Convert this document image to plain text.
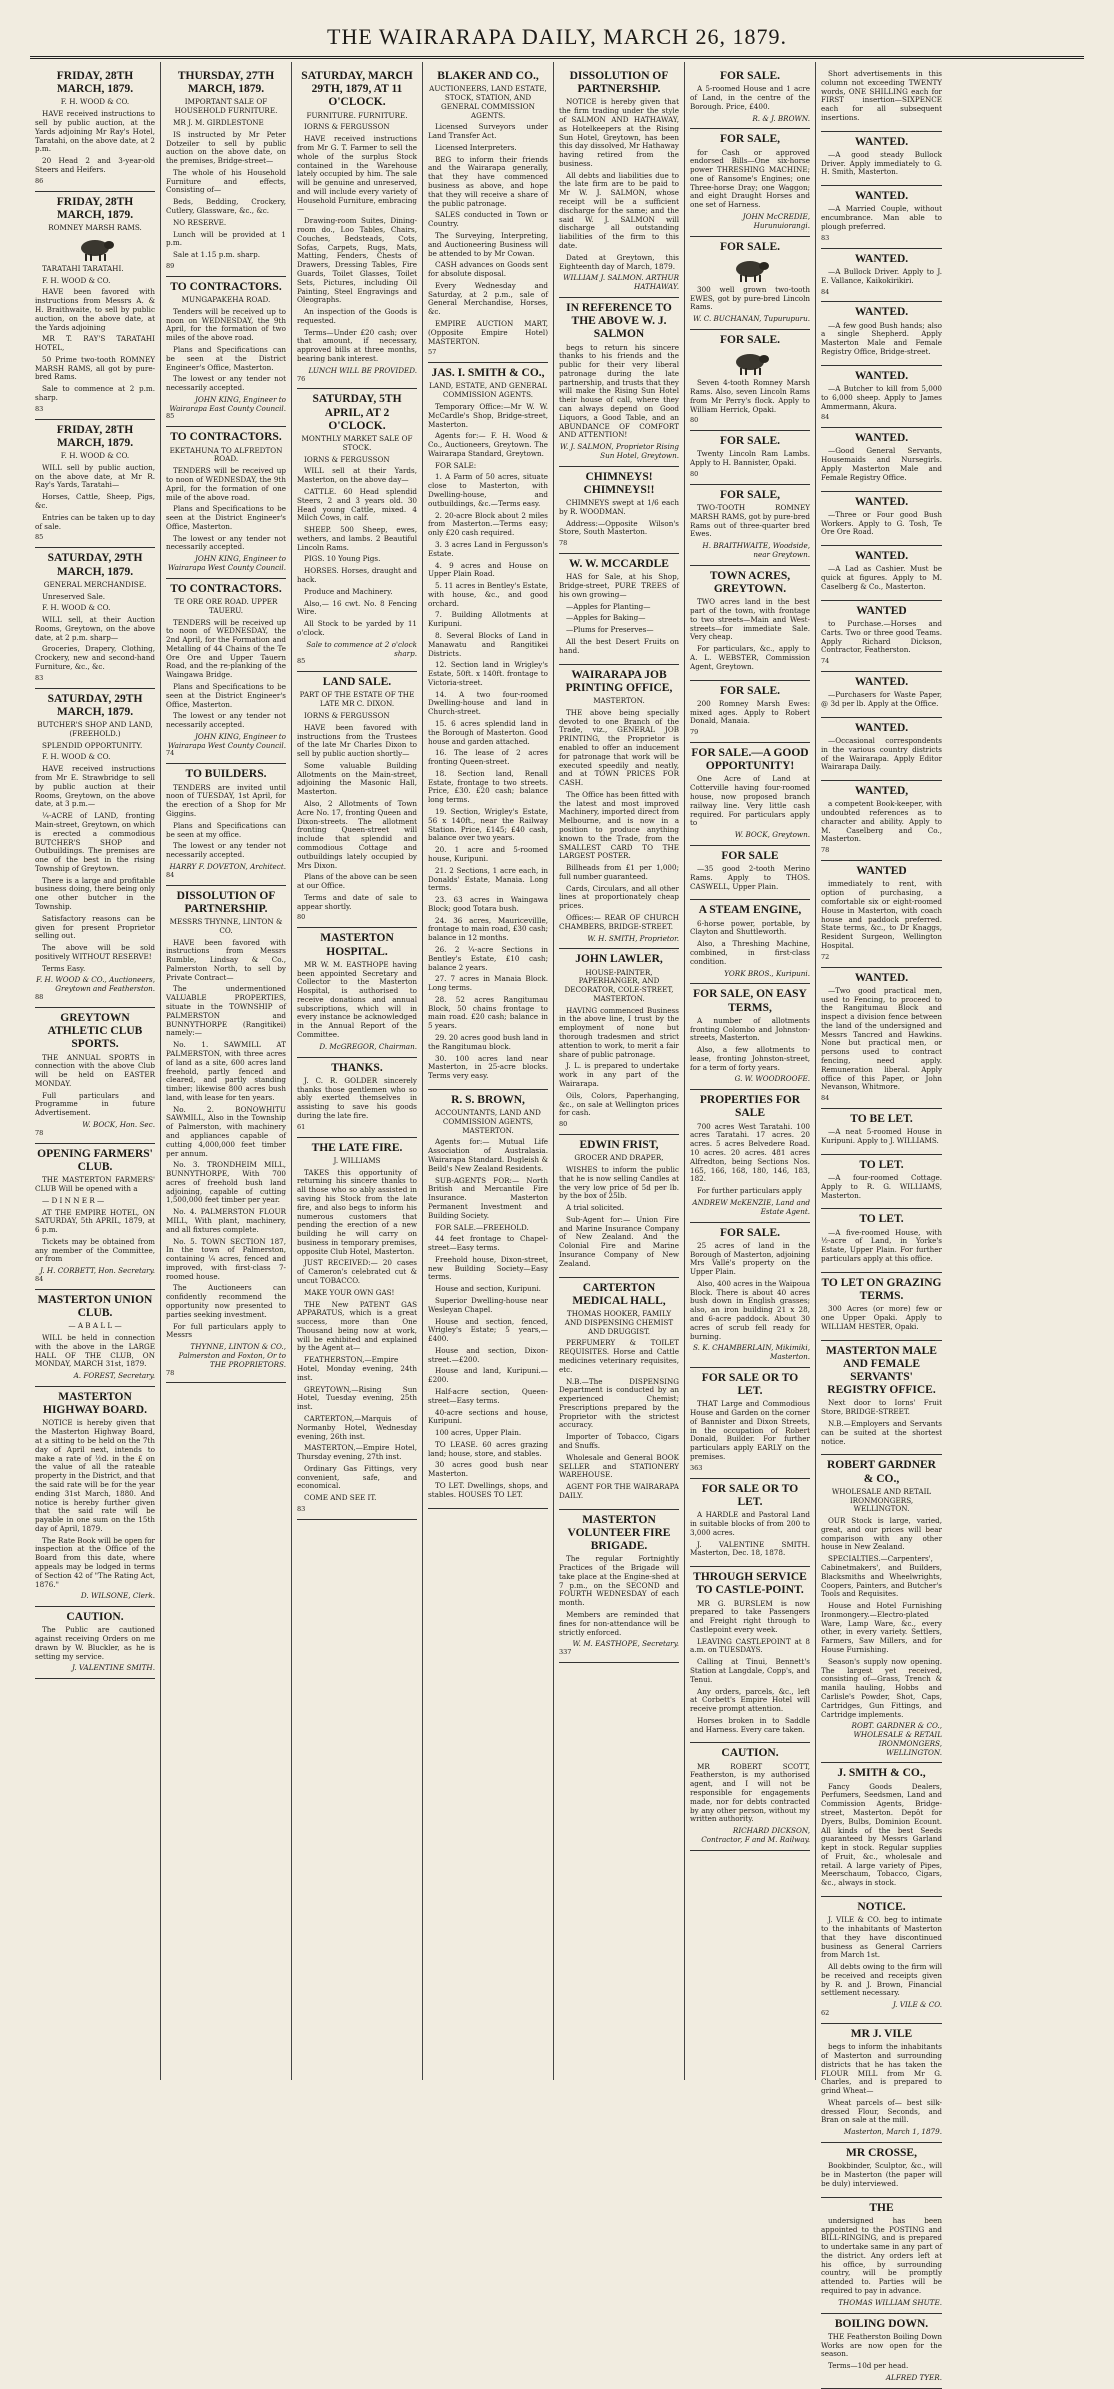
THE WAIRARAPA DAILY, MARCH 26, 1879.
FRIDAY, 28TH MARCH, 1879.
F. H. WOOD & CO.

HAVE received instructions to sell by public auction, at the Yards adjoining Mr Ray's Hotel, Taratahi, on the above date, at 2 p.m.

20 Head 2 and 3-year-old Steers and Heifers.

86
FRIDAY, 28TH MARCH, 1879.
ROMNEY MARSH RAMS.

TARATAHI TARATAHI.

F. H. WOOD & CO.

HAVE been favored with instructions from Messrs A. & H. Braithwaite, to sell by public auction, on the above date, at the Yards adjoining

MR T. RAY'S TARATAHI HOTEL,

50 Prime two-tooth ROMNEY MARSH RAMS, all got by pure-bred Rams.

Sale to commence at 2 p.m. sharp.

83
FRIDAY, 28TH MARCH, 1879.
F. H. WOOD & CO.

WILL sell by public auction, on the above date, at Mr R. Ray's Yards, Taratahi—

Horses, Cattle, Sheep, Pigs, &c.

Entries can be taken up to day of sale.

85
SATURDAY, 29TH MARCH, 1879.
GENERAL MERCHANDISE.

Unreserved Sale.

F. H. WOOD & CO.

WILL sell, at their Auction Rooms, Greytown, on the above date, at 2 p.m. sharp—

Groceries, Drapery, Clothing, Crockery, new and second-hand Furniture, &c., &c.

83
SATURDAY, 29TH MARCH, 1879.
BUTCHER'S SHOP AND LAND, (FREEHOLD.)

SPLENDID OPPORTUNITY.

F. H. WOOD & CO.

HAVE received instructions from Mr E. Strawbridge to sell by public auction at their Rooms, Greytown, on the above date, at 3 p.m.—

¼-ACRE of LAND, fronting Main-street, Greytown, on which is erected a commodious BUTCHER'S SHOP and Outbuildings. The premises are one of the best in the rising Township of Greytown.

There is a large and profitable business doing, there being only one other butcher in the Township.

Satisfactory reasons can be given for present Proprietor selling out.

The above will be sold positively WITHOUT RESERVE!

Terms Easy.

F. H. WOOD & CO., Auctioneers, Greytown and Featherston.
88
GREYTOWN ATHLETIC CLUB SPORTS.

THE ANNUAL SPORTS in connection with the above Club will be held on EASTER MONDAY.

Full particulars and Programme in future Advertisement.

W. BOCK, Hon. Sec.
78
OPENING FARMERS' CLUB.

THE MASTERTON FARMERS' CLUB Will be opened with a

— D I N N E R —

AT THE EMPIRE HOTEL, ON SATURDAY, 5th APRIL, 1879, at 6 p.m.

Tickets may be obtained from any member of the Committee, or from

J. H. CORBETT, Hon. Secretary.
84
MASTERTON UNION CLUB.
— A B A L L —

WILL be held in connection with the above in the LARGE HALL OF THE CLUB, ON MONDAY, MARCH 31st, 1879.

A. FOREST, Secretary.
MASTERTON HIGHWAY BOARD.

NOTICE is hereby given that the Masterton Highway Board, at a sitting to be held on the 7th day of April next, intends to make a rate of ½d. in the £ on the value of all the rateable property in the District, and that the said rate will be for the year ending 31st March, 1880. And notice is hereby further given that the said rate will be payable in one sum on the 15th day of April, 1879.

The Rate Book will be open for inspection at the Office of the Board from this date, where appeals may be lodged in terms of Section 42 of "The Rating Act, 1876."

D. WILSONE, Clerk.
CAUTION.

The Public are cautioned against receiving Orders on me drawn by W. Bluckler, as he is setting my service.

J. VALENTINE SMITH.
THURSDAY, 27TH MARCH, 1879.
IMPORTANT SALE OF HOUSEHOLD FURNITURE.

MR J. M. GIRDLESTONE

IS instructed by Mr Peter Dotzeiler to sell by public auction on the above date, on the premises, Bridge-street—

The whole of his Household Furniture and effects, Consisting of—

Beds, Bedding, Crockery, Cutlery, Glassware, &c., &c.

NO RESERVE.

Lunch will be provided at 1 p.m.

Sale at 1.15 p.m. sharp.

89
TO CONTRACTORS.
MUNGAPAKEHA ROAD.

Tenders will be received up to noon on WEDNESDAY, the 9th April, for the formation of two miles of the above road.

Plans and Specifications can be seen at the District Engineer's Office, Masterton.

The lowest or any tender not necessarily accepted.

JOHN KING, Engineer to Wairarapa East County Council.
85
TO CONTRACTORS.
EKETAHUNA TO ALFREDTON ROAD.

TENDERS will be received up to noon of WEDNESDAY, the 9th April, for the formation of one mile of the above road.

Plans and Specifications to be seen at the District Engineer's Office, Masterton.

The lowest or any tender not necessarily accepted.

JOHN KING, Engineer to Wairarapa West County Council.
TO CONTRACTORS.
TE ORE ORE ROAD. UPPER TAUERU.

TENDERS will be received up to noon of WEDNESDAY, the 2nd April, for the Formation and Metalling of 44 Chains of the Te Ore Ore and Upper Tauern Road, and the re-planking of the Waingawa Bridge.

Plans and Specifications to be seen at the District Engineer's Office, Masterton.

The lowest or any tender not necessarily accepted.

JOHN KING, Engineer to Wairarapa West County Council.
74
TO BUILDERS.

TENDERS are invited until noon of TUESDAY, 1st April, for the erection of a Shop for Mr Giggins.

Plans and Specifications can be seen at my office.

The lowest or any tender not necessarily accepted.

HARRY F. DOVETON, Architect.
84
DISSOLUTION OF PARTNERSHIP.
MESSRS THYNNE, LINTON & CO.

HAVE been favored with instructions from Messrs Rumble, Lindsay & Co., Palmerston North, to sell by Private Contract—

The undermentioned VALUABLE PROPERTIES, situate in the TOWNSHIP of PALMERSTON and BUNNYTHORPE (Rangitikei) namely:—

No. 1. SAWMILL AT PALMERSTON, with three acres of land as a site, 600 acres land freehold, partly fenced and cleared, and partly standing timber; likewise 800 acres bush land, with lease for ten years.

No. 2. BONOWHITU SAWMILL, Also in the Township of Palmerston, with machinery and appliances capable of cutting 4,000,000 feet timber per annum.

No. 3. TRONDHEIM MILL, BUNNYTHORPE, With 700 acres of freehold bush land adjoining, capable of cutting 1,500,000 feet timber per year.

No. 4. PALMERSTON FLOUR MILL, With plant, machinery, and all fixtures complete.

No. 5. TOWN SECTION 187, In the town of Palmerston, containing ¼ acres, fenced and improved, with first-class 7-roomed house.

The Auctioneers can confidently recommend the opportunity now presented to parties seeking investment.

For full particulars apply to Messrs

THYNNE, LINTON & CO., Palmerston and Foxton, Or to THE PROPRIETORS.
78
SATURDAY, MARCH 29TH, 1879, AT 11 O'CLOCK.
FURNITURE. FURNITURE.

IORNS & FERGUSSON

HAVE received instructions from Mr G. T. Farmer to sell the whole of the surplus Stock contained in the Warehouse lately occupied by him. The sale will be genuine and unreserved, and will include every variety of Household Furniture, embracing—

Drawing-room Suites, Dining-room do., Loo Tables, Chairs, Couches, Bedsteads, Cots, Sofas, Carpets, Rugs, Mats, Matting, Fenders, Chests of Drawers, Dressing Tables, Fire Guards, Toilet Glasses, Toilet Sets, Pictures, including Oil Painting, Steel Engravings and Oleographs.

An inspection of the Goods is requested.

Terms—Under £20 cash; over that amount, if necessary, approved bills at three months, bearing bank interest.

LUNCH WILL BE PROVIDED.
76
SATURDAY, 5TH APRIL, AT 2 O'CLOCK.
MONTHLY MARKET SALE OF STOCK.

IORNS & FERGUSSON

WILL sell at their Yards, Masterton, on the above day—

CATTLE. 60 Head splendid Steers, 2 and 3 years old. 30 Head young Cattle, mixed. 4 Milch Cows, in calf.

SHEEP. 500 Sheep, ewes, wethers, and lambs. 2 Beautiful Lincoln Rams.

PIGS. 10 Young Pigs.

HORSES. Horses, draught and hack.

Produce and Machinery.

Also,— 16 cwt. No. 8 Fencing Wire.

All Stock to be yarded by 11 o'clock.

Sale to commence at 2 o'clock sharp.
85
LAND SALE.
PART OF THE ESTATE OF THE LATE MR C. DIXON.

IORNS & FERGUSSON

HAVE been favored with instructions from the Trustees of the late Mr Charles Dixon to sell by public auction shortly—

Some valuable Building Allotments on the Main-street, adjoining the Masonic Hall, Masterton.

Also, 2 Allotments of Town Acre No. 17, fronting Queen and Dixon-streets. The allotment fronting Queen-street will include that splendid and commodious Cottage and outbuildings lately occupied by Mrs Dixon.

Plans of the above can be seen at our Office.

Terms and date of sale to appear shortly.

80
MASTERTON HOSPITAL.

MR W. M. EASTHOPE having been appointed Secretary and Collector to the Masterton Hospital, is authorised to receive donations and annual subscriptions, which will in every instance be acknowledged in the Annual Report of the Committee.

D. McGREGOR, Chairman.
THANKS.

J. C. R. GOLDER sincerely thanks those gentlemen who so ably exerted themselves in assisting to save his goods during the late fire.

61
THE LATE FIRE.
J. WILLIAMS

TAKES this opportunity of returning his sincere thanks to all those who so ably assisted in saving his Stock from the late fire, and also begs to inform his numerous customers that pending the erection of a new building he will carry on business in temporary premises, opposite Club Hotel, Masterton.

JUST RECEIVED:— 20 cases of Cameron's celebrated cut & uncut TOBACCO.

MAKE YOUR OWN GAS!

THE New PATENT GAS APPARATUS, which is a great success, more than One Thousand being now at work, will be exhibited and explained by the Agent at—

FEATHERSTON,—Empire Hotel, Monday evening, 24th inst.

GREYTOWN,—Rising Sun Hotel, Tuesday evening, 25th inst.

CARTERTON,—Marquis of Normanby Hotel, Wednesday evening, 26th inst.

MASTERTON,—Empire Hotel, Thursday evening, 27th inst.

Ordinary Gas Fittings, very convenient, safe, and economical.

COME AND SEE IT.

83
BLAKER AND CO.,
AUCTIONEERS, LAND ESTATE, STOCK, STATION, AND GENERAL COMMISSION AGENTS.

Licensed Surveyors under Land Transfer Act.

Licensed Interpreters.

BEG to inform their friends and the Wairarapa generally, that they have commenced business as above, and hope that they will receive a share of the public patronage.

SALES conducted in Town or Country.

The Surveying, Interpreting, and Auctioneering Business will be attended to by Mr Cowan.

CASH advances on Goods sent for absolute disposal.

Every Wednesday and Saturday, at 2 p.m., sale of General Merchandise, Horses, &c.

EMPIRE AUCTION MART, (Opposite Empire Hotel) MASTERTON.

57
JAS. I. SMITH & CO.,
LAND, ESTATE, AND GENERAL COMMISSION AGENTS.

Temporary Office:—Mr W. W. McCardle's Shop, Bridge-street, Masterton.

Agents for:— F. H. Wood & Co., Auctioneers, Greytown. The Wairarapa Standard, Greytown.

FOR SALE:

1. A Farm of 50 acres, situate close to Masterton, with Dwelling-house, and outbuildings, &c.—Terms easy.

2. 20-acre Block about 2 miles from Masterton.—Terms easy; only £20 cash required.

3. 3 acres Land in Fergusson's Estate.

4. 9 acres and House on Upper Plain Road.

5. 11 acres in Bentley's Estate, with house, &c., and good orchard.

7. Building Allotments at Kuripuni.

8. Several Blocks of Land in Manawatu and Rangitikei Districts.

12. Section land in Wrigley's Estate, 50ft. x 140ft. frontage to Victoria-street.

14. A two four-roomed Dwelling-house and land in Church-street.

15. 6 acres splendid land in the Borough of Masterton. Good house and garden attached.

16. The lease of 2 acres fronting Queen-street.

18. Section land, Renall Estate, frontage to two streets. Price, £30. £20 cash; balance long terms.

19. Section, Wrigley's Estate, 56 x 140ft., near the Railway Station. Price, £145; £40 cash, balance over two years.

20. 1 acre and 5-roomed house, Kuripuni.

21. 2 Sections, 1 acre each, in Donalds' Estate, Manaia. Long terms.

23. 63 acres in Waingawa Block; good Totara bush.

24. 36 acres, Mauricevillle, frontage to main road, £30 cash; balance in 12 months.

26. 2 ¼-acre Sections in Bentley's Estate, £10 cash; balance 2 years.

27. 7 acres in Manaia Block. Long terms.

28. 52 acres Rangitumau Block, 50 chains frontage to main road. £20 cash; balance in 5 years.

29. 20 acres good bush land in the Rangitumau block.

30. 100 acres land near Masterton, in 25-acre blocks. Terms very easy.

R. S. BROWN,
ACCOUNTANTS, LAND AND COMMISSION AGENTS, MASTERTON.

Agents for:— Mutual Life Association of Australasia. Wairarapa Standard. Dugleish & Beild's New Zealand Residents.

SUB-AGENTS FOR:— North British and Mercantile Fire Insurance. Masterton Permanent Investment and Building Society.

FOR SALE.—FREEHOLD.

44 feet frontage to Chapel-street—Easy terms.

Freehold house, Dixon-street, new Building Society—Easy terms.

House and section, Kuripuni.

Superior Dwelling-house near Wesleyan Chapel.

House and section, fenced, Wrigley's Estate; 5 years,—£400.

House and section, Dixon-street.—£200.

House and land, Kuripuni.—£200.

Half-acre section, Queen-street—Easy terms.

40-acre sections and house, Kuripuni.

100 acres, Upper Plain.

TO LEASE. 60 acres grazing land; house, store, and stables.

30 acres good bush near Masterton.

TO LET. Dwellings, shops, and stables. HOUSES TO LET.

DISSOLUTION OF PARTNERSHIP.

NOTICE is hereby given that the firm trading under the style of SALMON AND HATHAWAY, as Hotelkeepers at the Rising Sun Hotel, Greytown, has been this day dissolved, Mr Hathaway having retired from the business.

All debts and liabilities due to the late firm are to be paid to Mr W. J. SALMON, whose receipt will be a sufficient discharge for the same; and the said W. J. SALMON will discharge all outstanding liabilities of the firm to this date.

Dated at Greytown, this Eighteenth day of March, 1879.

WILLIAM J. SALMON. ARTHUR HATHAWAY.
IN REFERENCE TO THE ABOVE W. J. SALMON

begs to return his sincere thanks to his friends and the public for their very liberal patronage during the late partnership, and trusts that they will make the Rising Sun Hotel their house of call, where they can always depend on Good Liquors, a Good Table, and an ABUNDANCE OF COMFORT AND ATTENTION!

W. J. SALMON, Proprietor Rising Sun Hotel, Greytown.
CHIMNEYS! CHIMNEYS!!

CHIMNEYS swept at 1/6 each by R. WOODMAN.

Address:—Opposite Wilson's Store, South Masterton.

78
W. W. MCCARDLE

HAS for Sale, at his Shop, Bridge-street, PURE TREES of his own growing—

—Apples for Planting—

—Apples for Baking—

—Plums for Preserves—

All the best Desert Fruits on hand.

WAIRARAPA JOB PRINTING OFFICE,
MASTERTON.

THE above being specially devoted to one Branch of the Trade, viz., GENERAL JOB PRINTING, the Proprietor is enabled to offer an inducement for patronage that work will be executed speedily and neatly, and at TOWN PRICES FOR CASH.

The Office has been fitted with the latest and most improved Machinery, imported direct from Melbourne, and is now in a position to produce anything known to the Trade, from the SMALLEST CARD TO THE LARGEST POSTER.

Billheads from £1 per 1,000; full number guaranteed.

Cards, Circulars, and all other lines at proportionately cheap prices.

Offices:— REAR OF CHURCH CHAMBERS, BRIDGE-STREET.

W. H. SMITH, Proprietor.
JOHN LAWLER,
HOUSE-PAINTER, PAPERHANGER, AND DECORATOR, COLE-STREET, MASTERTON.

HAVING commenced Business in the above line, I trust by the employment of none but thorough tradesmen and strict attention to work, to merit a fair share of public patronage.

J. L. is prepared to undertake work in any part of the Wairarapa.

Oils, Colors, Paperhanging, &c., on sale at Wellington prices for cash.

80
EDWIN FRIST,
GROCER AND DRAPER,

WISHES to inform the public that he is now selling Candles at the very low price of 5d per lb. by the box of 25lb.

A trial solicited.

Sub-Agent for:— Union Fire and Marine Insurance Company of New Zealand. And the Colonial Fire and Marine Insurance Company of New Zealand.

CARTERTON MEDICAL HALL,
THOMAS HOOKER, FAMILY AND DISPENSING CHEMIST AND DRUGGIST.

PERFUMERY & TOILET REQUISITES. Horse and Cattle medicines veterinary requisites, etc.

N.B.—The DISPENSING Department is conducted by an experienced Chemist; Prescriptions prepared by the Proprietor with the strictest accuracy.

Importer of Tobacco, Cigars and Snuffs.

Wholesale and General BOOK SELLER and STATIONERY WAREHOUSE.

AGENT FOR THE WAIRARAPA DAILY.

MASTERTON VOLUNTEER FIRE BRIGADE.

The regular Fortnightly Practices of the Brigade will take place at the Engine-shed at 7 p.m., on the SECOND and FOURTH WEDNESDAY of each month.

Members are reminded that fines for non-attendance will be strictly enforced.

W. M. EASTHOPE, Secretary.
337
FOR SALE.

A 5-roomed House and 1 acre of Land, in the centre of the Borough. Price, £400.

R. & J. BROWN.
FOR SALE,

for Cash or approved endorsed Bills—One six-horse power THRESHING MACHINE; one of Ransome's Engines; one Three-horse Dray; one Waggon; and eight Draught Horses and one set of Harness.

JOHN McCREDIE, Hurunuiorangi.
FOR SALE.

300 well grown two-tooth EWES, got by pure-bred Lincoln Rams.

W. C. BUCHANAN, Tupurupuru.
FOR SALE.

Seven 4-tooth Romney Marsh Rams. Also, seven Lincoln Rams from Mr Perry's flock. Apply to William Herrick, Opaki.

80
FOR SALE.

Twenty Lincoln Ram Lambs. Apply to H. Bannister, Opaki.

80
FOR SALE,

TWO-TOOTH ROMNEY MARSH RAMS, got by pure-bred Rams out of three-quarter bred Ewes.

H. BRAITHWAITE, Woodside, near Greytown.
TOWN ACRES, GREYTOWN.

TWO acres land in the best part of the town, with frontage to two streets—Main and West-streets—for immediate Sale. Very cheap.

For particulars, &c., apply to A. L. WEBSTER, Commission Agent, Greytown.

FOR SALE.

200 Romney Marsh Ewes: mixed ages. Apply to Robert Donald, Manaia.

79
FOR SALE.—A GOOD OPPORTUNITY!

One Acre of Land at Cotterville having four-roomed house, now proposed branch railway line. Very little cash required. For particulars apply to

W. BOCK, Greytown.
FOR SALE

—35 good 2-tooth Merino Rams. Apply to THOS. CASWELL, Upper Plain.

A STEAM ENGINE,

6-horse power, portable, by Clayton and Shuttleworth.

Also, a Threshing Machine, combined, in first-class condition.

YORK BROS., Kuripuni.
FOR SALE, ON EASY TERMS,

A number of allotments fronting Colombo and Johnston-streets, Masterton.

Also, a few allotments to lease, fronting Johnston-street, for a term of forty years.

G. W. WOODROOFE.
PROPERTIES FOR SALE

700 acres West Taratahi. 100 acres Taratahi. 17 acres. 20 acres. 5 acres Belvedere Road. 10 acres. 20 acres. 481 acres Alfredton, being Sections Nos. 165, 166, 168, 180, 146, 183, 182.

For further particulars apply

ANDREW McKENZIE, Land and Estate Agent.
FOR SALE.

25 acres of land in the Borough of Masterton, adjoining Mrs Vallé's property on the Upper Plain.

Also, 400 acres in the Waipoua Block. There is about 40 acres bush down in English grasses; also, an iron building 21 x 28, and 6-acre paddock. About 30 acres of scrub fell ready for burning.

S. K. CHAMBERLAIN, Mikimiki, Masterton.
FOR SALE OR TO LET.

THAT Large and Commodious House and Garden on the corner of Bannister and Dixon Streets, in the occupation of Robert Donald, Builder. For further particulars apply EARLY on the premises.

363
FOR SALE OR TO LET.

A HARDLE and Pastoral Land in suitable blocks of from 200 to 3,000 acres.

J. VALENTINE SMITH. Masterton, Dec. 18, 1878.

THROUGH SERVICE TO CASTLE-POINT.

MR G. BURSLEM is now prepared to take Passengers and Freight right through to Castlepoint every week.

LEAVING CASTLEPOINT at 8 a.m. on TUESDAYS.

Calling at Tinui, Bennett's Station at Langdale, Copp's, and Tenui.

Any orders, parcels, &c., left at Corbett's Empire Hotel will receive prompt attention.

Horses broken in to Saddle and Harness. Every care taken.

CAUTION.

MR ROBERT SCOTT, Featherston, is my authorised agent, and I will not be responsible for engagements made, nor for debts contracted by any other person, without my written authority.

RICHARD DICKSON, Contractor, F and M. Railway.

Short advertisements in this column not exceeding TWENTY words, ONE SHILLING each for FIRST insertion—SIXPENCE each for all subsequent insertions.

WANTED.

—A good steady Bullock Driver. Apply immediately to G. H. Smith, Masterton.

WANTED.

—A Married Couple, without encumbrance. Man able to plough preferred.

83
WANTED.

—A Bullock Driver. Apply to J. E. Vallance, Kaikokirikiri.

84
WANTED.

—A few good Bush hands; also a single Shepherd. Apply Masterton Male and Female Registry Office, Bridge-street.

WANTED.

—A Butcher to kill from 5,000 to 6,000 sheep. Apply to James Ammermann, Akura.

84
WANTED.

—Good General Servants, Housemaids and Nursegirls. Apply Masterton Male and Female Registry Office.

WANTED.

—Three or Four good Bush Workers. Apply to G. Tosh, Te Ore Ore Road.

WANTED.

—A Lad as Cashier. Must be quick at figures. Apply to M. Caselberg & Co., Masterton.

WANTED

to Purchase.—Horses and Carts. Two or three good Teams. Apply Richard Dickson, Contractor, Featherston.

74
WANTED.

—Purchasers for Waste Paper, @ 3d per lb. Apply at the Office.

WANTED.

—Occasional correspondents in the various country districts of the Wairarapa. Apply Editor Wairarapa Daily.

WANTED,

a competent Book-keeper, with undoubted references as to character and ability. Apply to M. Caselberg and Co., Masterton.

78
WANTED

immediately to rent, with option of purchasing, a comfortable six or eight-roomed House in Masterton, with coach house and paddock preferred. State terms, &c., to Dr Knaggs, Resident Surgeon, Wellington Hospital.

72
WANTED.

—Two good practical men, used to Fencing, to proceed to the Rangitumau Block and inspect a division fence between the land of the undersigned and Messrs Tancred and Hawkins. None but practical men, or persons used to contract fencing, need apply. Remuneration liberal. Apply office of this Paper, or John Nevanson, Whitmore.

84
TO BE LET.

—A neat 5-roomed House in Kuripuni. Apply to J. WILLIAMS.

TO LET.

—A four-roomed Cottage. Apply to R. G. WILLIAMS, Masterton.

TO LET.

—A five-roomed House, with ½-acre of Land, in Yorke's Estate, Upper Plain. For further particulars apply at this office.

TO LET ON GRAZING TERMS.

300 Acres (or more) few or one Upper Opaki. Apply to WILLIAM HESTER, Opaki.

MASTERTON MALE AND FEMALE SERVANTS' REGISTRY OFFICE.

Next door to Iorns' Fruit Store, BRIDGE-STREET.

N.B.—Employers and Servants can be suited at the shortest notice.

ROBERT GARDNER & CO.,
WHOLESALE AND RETAIL IRONMONGERS, WELLINGTON.

OUR Stock is large, varied, great, and our prices will bear comparison with any other house in New Zealand.

SPECIALTIES.—Carpenters', Cabinetmakers', and Builders, Blacksmiths and Wheelwrights, Coopers, Painters, and Butcher's Tools and Requisites.

House and Hotel Furnishing Ironmongery.—Electro-plated Ware, Lamp Ware, &c., every other, in every variety. Settlers, Farmers, Saw Millers, and for House Furnishing.

Season's supply now opening. The largest yet received, consisting of—Grass, Trench & manila hauling, Hobbs and Carlisle's Powder, Shot, Caps, Cartridges, Gun Fittings, and Cartridge implements.

ROBT. GARDNER & CO., WHOLESALE & RETAIL IRONMONGERS, WELLINGTON.
J. SMITH & CO.,

Fancy Goods Dealers, Perfumers, Seedsmen, Land and Commission Agents, Bridge-street, Masterton. Depôt for Dyers, Bulbs, Dominion Ecount. All kinds of the best Seeds guaranteed by Messrs Garland kept in stock. Regular supplies of Fruit, &c., wholesale and retail. A large variety of Pipes, Meerschaum, Tobacco, Cigars, &c., always in stock.

NOTICE.

J. VILE & CO. beg to intimate to the inhabitants of Masterton that they have discontinued business as General Carriers from March 1st.

All debts owing to the firm will be received and receipts given by R. and J. Brown, Financial settlement necessary.

J. VILE & CO.
62
MR J. VILE

begs to inform the inhabitants of Masterton and surrounding districts that he has taken the FLOUR MILL from Mr G. Charles, and is prepared to grind Wheat—

Wheat parcels of— best silk-dressed Flour, Seconds, and Bran on sale at the mill.

Masterton, March 1, 1879.
MR CROSSE,

Bookbinder, Sculptor, &c., will be in Masterton (the paper will be duly) interviewed.

THE

undersigned has been appointed to the POSTING and BILL-RINGING, and is prepared to undertake same in any part of the district. Any orders left at his office, by surrounding country, will be promptly attended to. Parties will be required to pay in advance.

THOMAS WILLIAM SHUTE.
BOILING DOWN.

THE Featherston Boiling Down Works are now open for the season.

Terms—10d per head.

ALFRED TYER.
